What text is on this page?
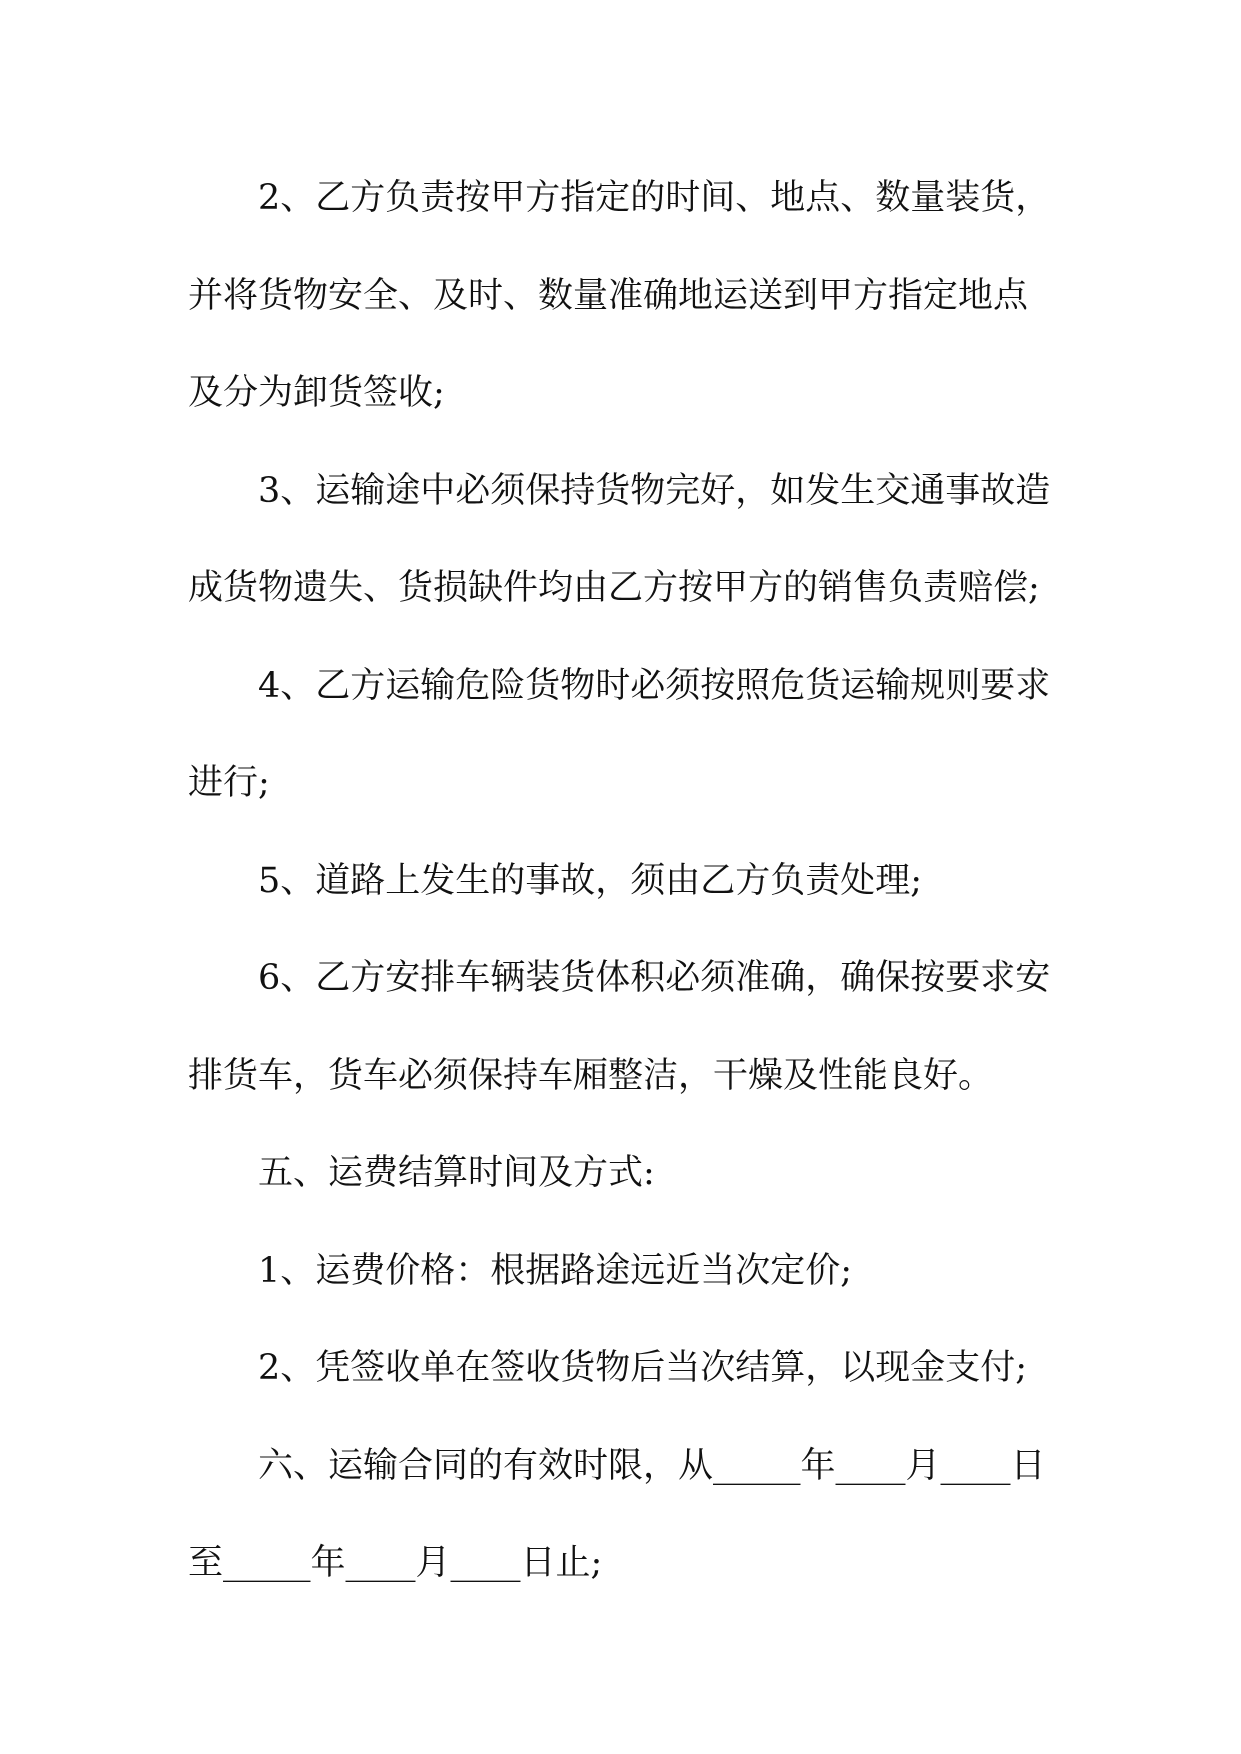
2、乙方负责按甲方指定的时间、地点、数量装货，并将货物安全、及时、数量准确地运送到甲方指定地点及分为卸货签收;

3、运输途中必须保持货物完好，如发生交通事故造成货物遗失、货损缺件均由乙方按甲方的销售负责赔偿;

4、乙方运输危险货物时必须按照危货运输规则要求进行;

5、道路上发生的事故，须由乙方负责处理;

6、乙方安排车辆装货体积必须准确，确保按要求安排货车，货车必须保持车厢整洁，干燥及性能良好。

五、运费结算时间及方式:

1、运费价格：根据路途远近当次定价;

2、凭签收单在签收货物后当次结算，以现金支付;

六、运输合同的有效时限，从_____年____月____日至_____年____月____日止;
